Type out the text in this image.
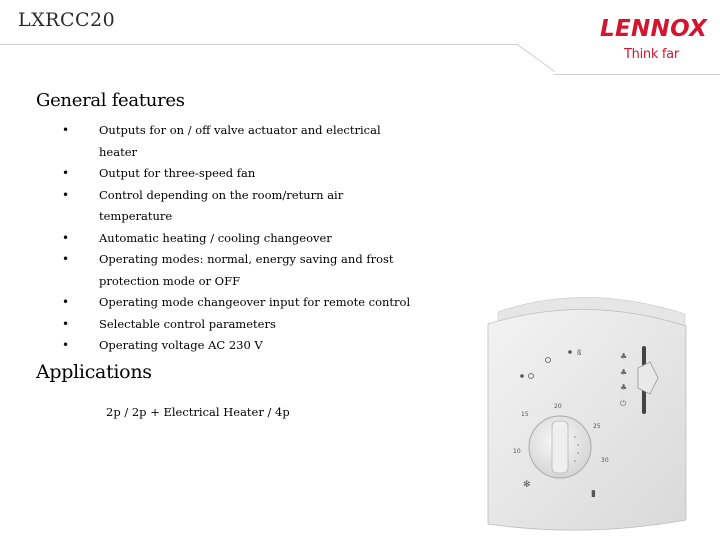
LXRCC20	LENNOX
Think far
General features
• Outputs for on / off valve actuator and electrical heater
• Output for three-speed fan
• Control depending on the room/return air temperature
• Automatic heating / cooling changeover
• Operating modes: normal, energy saving and frost protection mode or OFF
• Operating mode changeover input for remote control
• Selectable control parameters
• Operating voltage AC 230 V
Applications
2p / 2p + Electrical Heater / 4p	15
20
25
30
10
ß
✻
▮
♣
♣
♣
⏻
